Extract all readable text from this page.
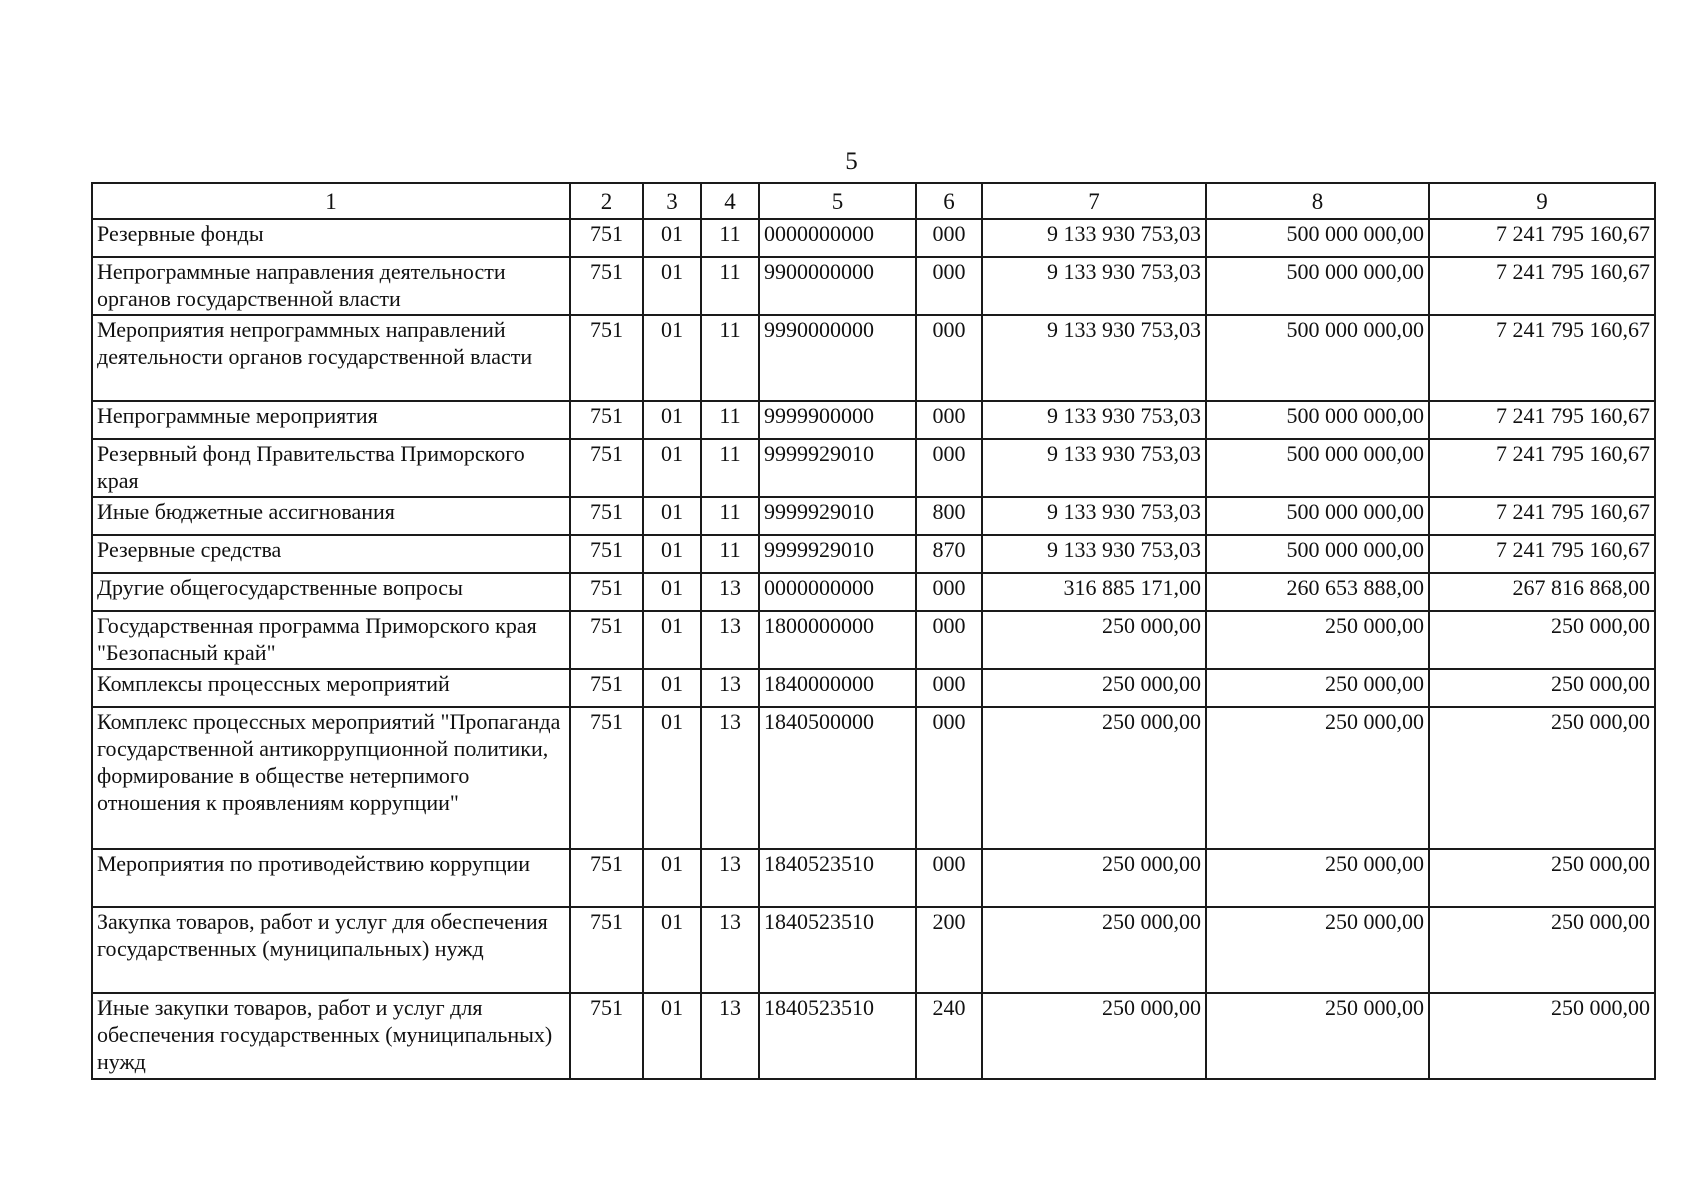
5
1	2	3	4	5	6	7	8	9
Резервные фонды	751	01	11	0000000000	000	9 133 930 753,03	500 000 000,00	7 241 795 160,67
Непрограммные направления деятельности органов государственной власти	751	01	11	9900000000	000	9 133 930 753,03	500 000 000,00	7 241 795 160,67
Мероприятия непрограммных направлений деятельности органов государственной власти	751	01	11	9990000000	000	9 133 930 753,03	500 000 000,00	7 241 795 160,67
Непрограммные мероприятия	751	01	11	9999900000	000	9 133 930 753,03	500 000 000,00	7 241 795 160,67
Резервный фонд Правительства Приморского края	751	01	11	9999929010	000	9 133 930 753,03	500 000 000,00	7 241 795 160,67
Иные бюджетные ассигнования	751	01	11	9999929010	800	9 133 930 753,03	500 000 000,00	7 241 795 160,67
Резервные средства	751	01	11	9999929010	870	9 133 930 753,03	500 000 000,00	7 241 795 160,67
Другие общегосударственные вопросы	751	01	13	0000000000	000	316 885 171,00	260 653 888,00	267 816 868,00
Государственная программа Приморского края "Безопасный край"	751	01	13	1800000000	000	250 000,00	250 000,00	250 000,00
Комплексы процессных мероприятий	751	01	13	1840000000	000	250 000,00	250 000,00	250 000,00
Комплекс процессных мероприятий "Пропаганда государственной антикоррупционной политики, формирование в обществе нетерпимого отношения к проявлениям коррупции"	751	01	13	1840500000	000	250 000,00	250 000,00	250 000,00
Мероприятия по противодействию коррупции	751	01	13	1840523510	000	250 000,00	250 000,00	250 000,00
Закупка товаров, работ и услуг для обеспечения государственных (муниципальных) нужд	751	01	13	1840523510	200	250 000,00	250 000,00	250 000,00
Иные закупки товаров, работ и услуг для обеспечения государственных (муниципальных) нужд	751	01	13	1840523510	240	250 000,00	250 000,00	250 000,00
